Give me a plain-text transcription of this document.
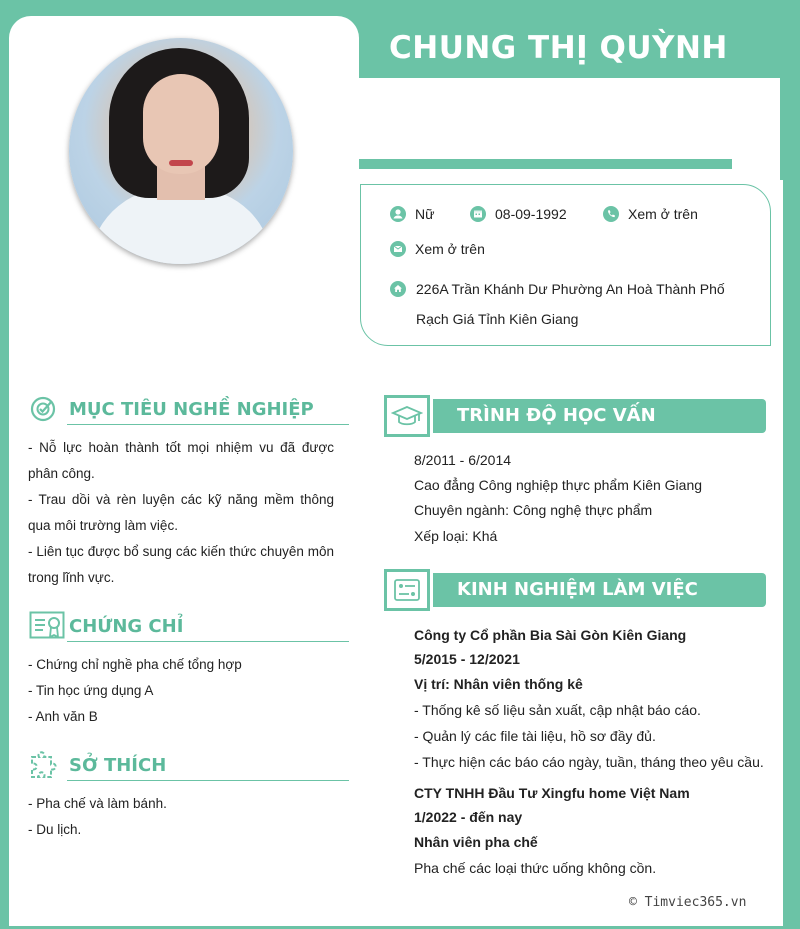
CHUNG THỊ QUỲNH
Nữ	08-09-1992	Xem ở trên
Xem ở trên
226A Trần Khánh Dư Phường An Hoà Thành Phố Rạch Giá Tỉnh Kiên Giang
MỤC TIÊU NGHỀ NGHIỆP
- Nỗ lực hoàn thành tốt mọi nhiệm vu đã được phân công.
- Trau dồi và rèn luyện các kỹ năng mềm thông qua môi trường làm việc.
- Liên tục được bổ sung các kiến thức chuyên môn trong lĩnh vực.
CHỨNG CHỈ
- Chứng chỉ nghề pha chế tổng hợp
- Tin học ứng dụng A
- Anh văn B
SỞ THÍCH
- Pha chế và làm bánh.
- Du lịch.
TRÌNH ĐỘ HỌC VẤN
8/2011 - 6/2014
Cao đẳng Công nghiệp thực phẩm Kiên Giang
Chuyên ngành: Công nghệ thực phẩm
Xếp loại: Khá
KINH NGHIỆM LÀM VIỆC
Công ty Cổ phần Bia Sài Gòn Kiên Giang
5/2015 - 12/2021
Vị trí: Nhân viên thống kê
- Thống kê số liệu sản xuất, cập nhật báo cáo.
- Quản lý các file tài liệu, hồ sơ đầy đủ.
- Thực hiện các báo cáo ngày, tuần, tháng theo yêu cầu.
CTY TNHH Đầu Tư Xingfu home Việt Nam
1/2022 - đến nay
Nhân viên pha chế
Pha chế các loại thức uống không cồn.
© Timviec365.vn
